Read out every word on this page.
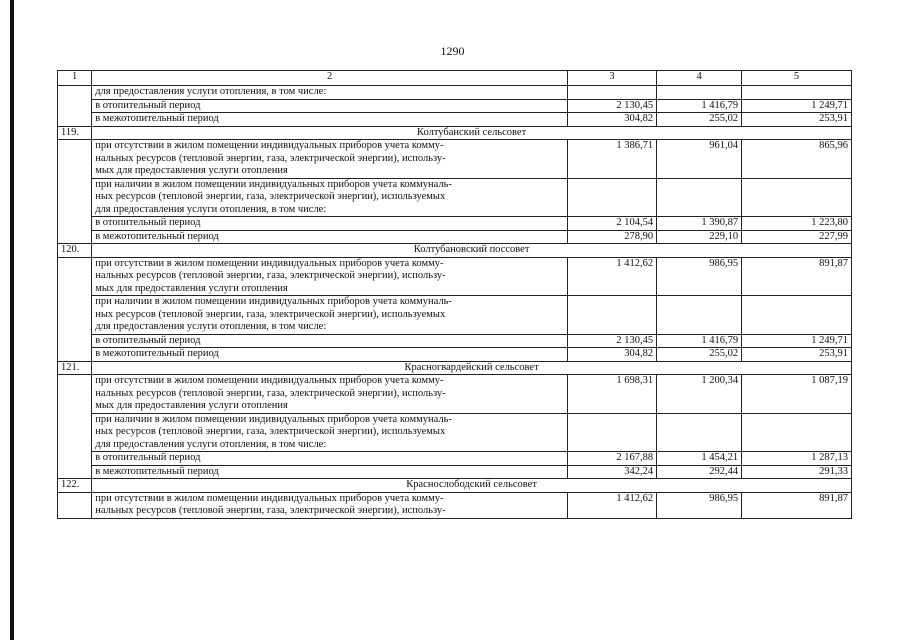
1290
1	2	3	4	5
	для предоставления услуги отопления, в том числе:			
	в отопительный период	2 130,45	1 416,79	1 249,71
	в межотопительный период	304,82	255,02	253,91
119.	Колтубанский сельсовет			

	при отсутствии в жилом помещении индивидуальных приборов учета комму-
нальных ресурсов (тепловой энергии, газа, электрической энергии), использу-
мых для предоставления услуги отопления	1 386,71	961,04	865,96

	при наличии в жилом помещении индивидуальных приборов учета коммуналь-
ных ресурсов (тепловой энергии, газа, электрической энергии), используемых
для предоставления услуги отопления, в том числе:			

	в отопительный период	2 104,54	1 390,87	1 223,80
	в межотопительный период	278,90	229,10	227,99
120.	Колтубановский поссовет			

	при отсутствии в жилом помещении индивидуальных приборов учета комму-
нальных ресурсов (тепловой энергии, газа, электрической энергии), использу-
мых для предоставления услуги отопления	1 412,62	986,95	891,87

	при наличии в жилом помещении индивидуальных приборов учета коммуналь-
ных ресурсов (тепловой энергии, газа, электрической энергии), используемых
для предоставления услуги отопления, в том числе:			

	в отопительный период	2 130,45	1 416,79	1 249,71
	в межотопительный период	304,82	255,02	253,91
121.	Красногвардейский сельсовет			

	при отсутствии в жилом помещении индивидуальных приборов учета комму-
нальных ресурсов (тепловой энергии, газа, электрической энергии), использу-
мых для предоставления услуги отопления	1 698,31	1 200,34	1 087,19

	при наличии в жилом помещении индивидуальных приборов учета коммуналь-
ных ресурсов (тепловой энергии, газа, электрической энергии), используемых
для предоставления услуги отопления, в том числе:			

	в отопительный период	2 167,88	1 454,21	1 287,13
	в межотопительный период	342,24	292,44	291,33
122.	Краснослободский сельсовет			

	при отсутствии в жилом помещении индивидуальных приборов учета комму-
нальных ресурсов (тепловой энергии, газа, электрической энергии), использу-	1 412,62	986,95	891,87
